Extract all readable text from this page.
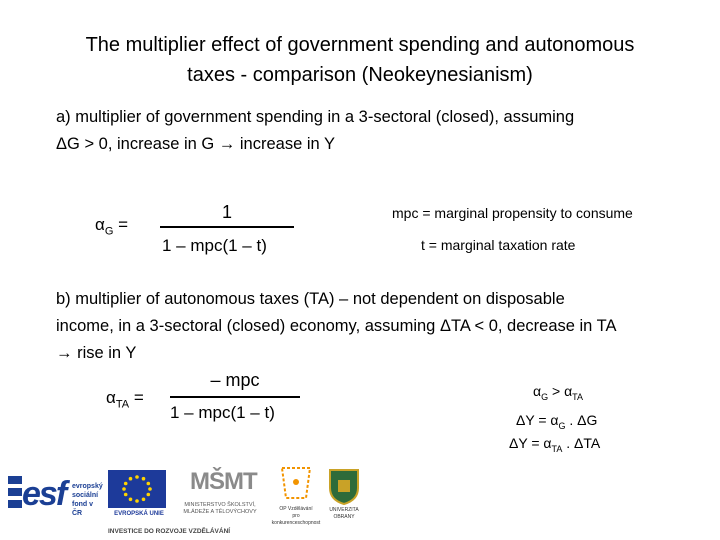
The multiplier effect of government spending and autonomous
taxes - comparison (Neokeynesianism)
a) multiplier of government spending in a 3-sectoral (closed), assuming
ΔG > 0, increase in G → increase in Y
$\alpha_G$ =
1
1 – mpc(1 – t)
mpc = marginal propensity to consume
t = marginal taxation rate
b) multiplier of autonomous taxes (TA) – not dependent on disposable
income, in a 3-sectoral (closed) economy, assuming ΔTA < 0, decrease in TA
→ rise in Y
$\alpha_{TA}$ =
– mpc
1 – mpc(1 – t)
$\alpha_G > \alpha_{TA}$
$\Delta Y = \alpha_G$ . ΔG
$\Delta Y = \alpha_{TA}$ . ΔTA
esf evropský
sociální
fond v ČR	EVROPSKÁ UNIE
MŠMT
MINISTERSTVO ŠKOLSTVÍ,
MLÁDEŽE A TĚLOVÝCHOVY	OP Vzdělávání
pro konkurenceschopnost
UNIVERZITA
OBRANY
INVESTICE DO ROZVOJE VZDĚLÁVÁNÍ
